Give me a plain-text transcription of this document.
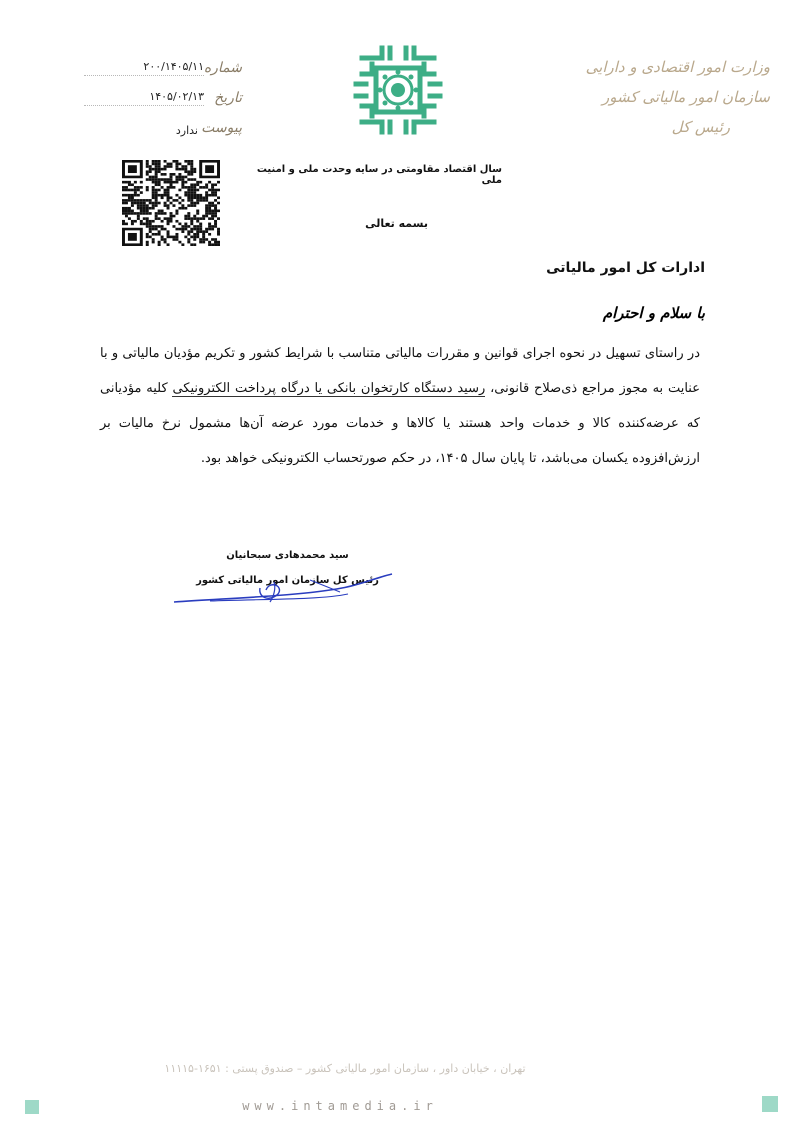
وزارت امور اقتصادی و دارایی
سازمان امور مالیاتی کشور
رئیس کل
شماره
۲۰۰/۱۴۰۵/۱۱
تاریخ
۱۴۰۵/۰۲/۱۳
پیوست
ندارد
سال اقتصاد مقاومتی در سایه وحدت ملی و امنیت ملی
بسمه تعالی
ادارات کل امور مالیاتی
با سلام و احترام
در راستای تسهیل در نحوه اجرای قوانین و مقررات مالیاتی متناسب با شرایط کشور و تکریم مؤدیان مالیاتی و با عنایت به مجوز مراجع ذی‌صلاح قانونی، رسید دستگاه کارتخوان بانکی یا درگاه پرداخت الکترونیکی کلیه مؤدیانی که عرضه‌کننده کالا و خدمات واحد هستند یا کالاها و خدمات مورد عرضه آن‌ها مشمول نرخ مالیات بر ارزش‌افزوده یکسان می‌باشد، تا پایان سال ۱۴۰۵، در حکم صورتحساب الکترونیکی خواهد بود.
سید محمدهادی سبحانیان
رئیس کل سازمان امور مالیاتی کشور
تهران ، خیابان داور ، سازمان امور مالیاتی کشور – صندوق پستی : ۱۶۵۱-۱۱۱۱۵
www.intamedia.ir
